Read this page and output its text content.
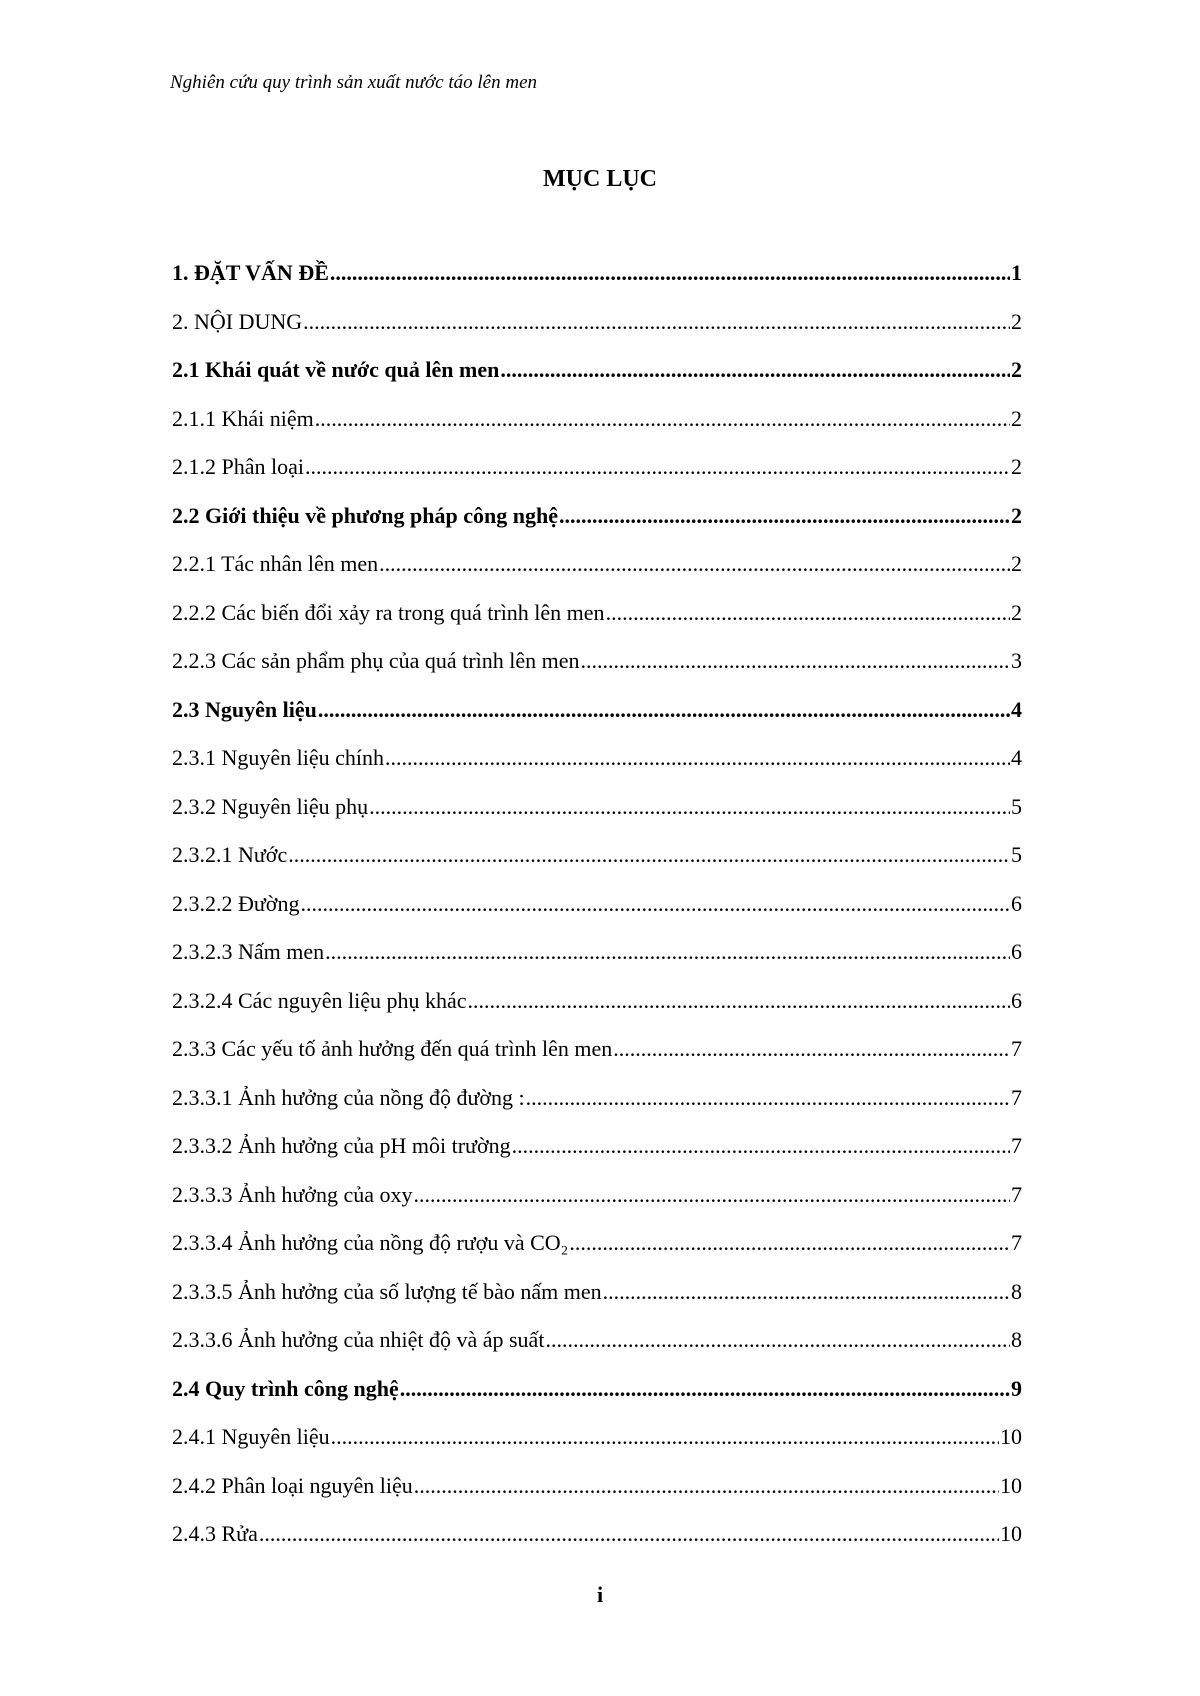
Nghiên cứu quy trình sản xuất nước táo lên men
MỤC LỤC
1. ĐẶT VẤN ĐỀ .....	1
2. NỘI DUNG .....	2
2.1 Khái quát về nước quả lên men .....	2
2.1.1 Khái niệm .....	2
2.1.2 Phân loại .....	2
2.2 Giới thiệu về phương pháp công nghệ .....	2
2.2.1 Tác nhân lên men .....	2
2.2.2 Các biến đổi xảy ra trong quá trình lên men .....	2
2.2.3 Các sản phẩm phụ của quá trình lên men .....	3
2.3 Nguyên liệu .....	4
2.3.1 Nguyên liệu chính .....	4
2.3.2 Nguyên liệu phụ .....	5
2.3.2.1 Nước .....	5
2.3.2.2 Đường .....	6
2.3.2.3 Nấm men .....	6
2.3.2.4 Các nguyên liệu phụ khác .....	6
2.3.3 Các yếu tố ảnh hưởng đến quá trình lên men .....	7
2.3.3.1 Ảnh hưởng của nồng độ đường : .....	7
2.3.3.2 Ảnh hưởng của pH môi trường .....	7
2.3.3.3 Ảnh hưởng của oxy .....	7
2.3.3.4 Ảnh hưởng của nồng độ rượu và CO₂ .....	7
2.3.3.5 Ảnh hưởng của số lượng tế bào nấm men .....	8
2.3.3.6 Ảnh hưởng của nhiệt độ và áp suất .....	8
2.4 Quy trình công nghệ .....	9
2.4.1 Nguyên liệu .....	10
2.4.2 Phân loại nguyên liệu .....	10
2.4.3 Rửa .....	10
i
